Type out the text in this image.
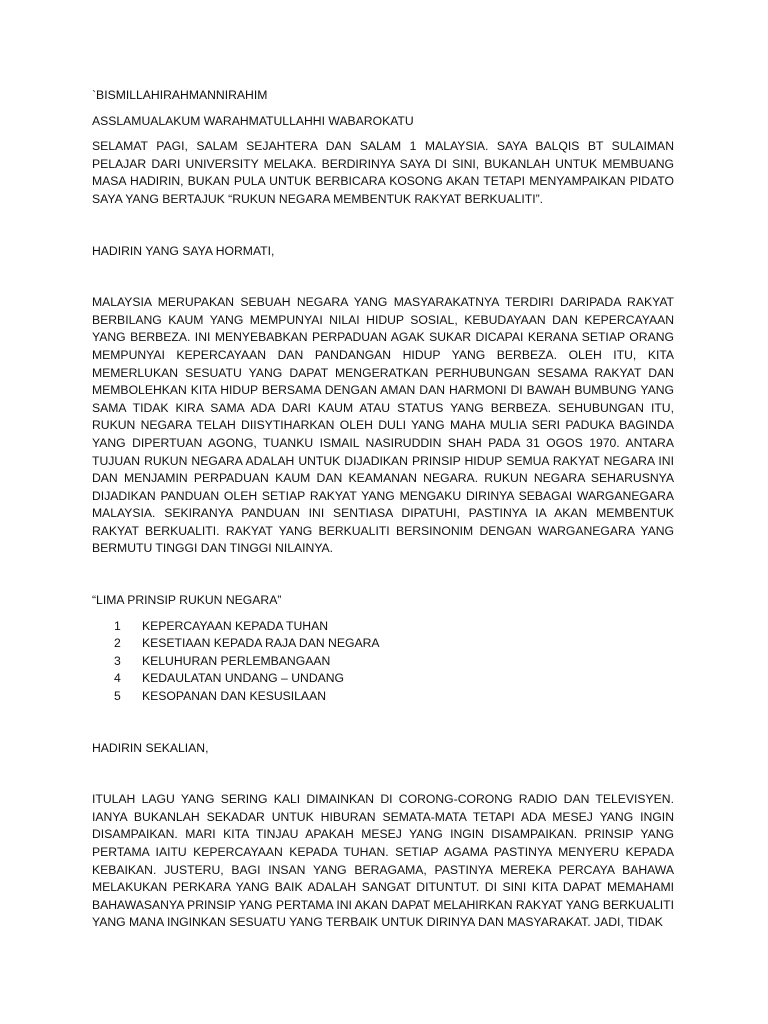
`BISMILLAHIRAHMANNIRAHIM

ASSLAMUALAKUM WARAHMATULLAHHI WABAROKATU

SELAMAT PAGI, SALAM SEJAHTERA DAN SALAM 1 MALAYSIA. SAYA BALQIS BT SULAIMAN PELAJAR DARI UNIVERSITY MELAKA. BERDIRINYA SAYA DI SINI, BUKANLAH UNTUK MEMBUANG MASA HADIRIN, BUKAN PULA UNTUK BERBICARA KOSONG AKAN TETAPI MENYAMPAIKAN PIDATO SAYA YANG BERTAJUK “RUKUN NEGARA MEMBENTUK RAKYAT BERKUALITI”.

HADIRIN YANG SAYA HORMATI,

MALAYSIA MERUPAKAN SEBUAH NEGARA YANG MASYARAKATNYA TERDIRI DARIPADA RAKYAT BERBILANG KAUM YANG MEMPUNYAI NILAI HIDUP SOSIAL, KEBUDAYAAN DAN KEPERCAYAAN YANG BERBEZA. INI MENYEBABKAN PERPADUAN AGAK SUKAR DICAPAI KERANA SETIAP ORANG MEMPUNYAI KEPERCAYAAN DAN PANDANGAN HIDUP YANG BERBEZA. OLEH ITU, KITA MEMERLUKAN SESUATU YANG DAPAT MENGERATKAN PERHUBUNGAN SESAMA RAKYAT DAN MEMBOLEHKAN KITA HIDUP BERSAMA DENGAN AMAN DAN HARMONI DI BAWAH BUMBUNG YANG SAMA TIDAK KIRA SAMA ADA DARI KAUM ATAU STATUS YANG BERBEZA. SEHUBUNGAN ITU, RUKUN NEGARA TELAH DIISYTIHARKAN OLEH DULI YANG MAHA MULIA SERI PADUKA BAGINDA YANG DIPERTUAN AGONG, TUANKU ISMAIL NASIRUDDIN SHAH PADA 31 OGOS 1970. ANTARA TUJUAN RUKUN NEGARA ADALAH UNTUK DIJADIKAN PRINSIP HIDUP SEMUA RAKYAT NEGARA INI DAN MENJAMIN PERPADUAN KAUM DAN KEAMANAN NEGARA. RUKUN NEGARA SEHARUSNYA DIJADIKAN PANDUAN OLEH SETIAP RAKYAT YANG MENGAKU DIRINYA SEBAGAI WARGANEGARA MALAYSIA. SEKIRANYA PANDUAN INI SENTIASA DIPATUHI, PASTINYA IA AKAN MEMBENTUK RAKYAT BERKUALITI. RAKYAT YANG BERKUALITI BERSINONIM DENGAN WARGANEGARA YANG BERMUTU TINGGI DAN TINGGI NILAINYA.

“LIMA PRINSIP RUKUN NEGARA”

1	KEPERCAYAAN KEPADA TUHAN
2	KESETIAAN KEPADA RAJA DAN NEGARA
3	KELUHURAN PERLEMBANGAAN
4	KEDAULATAN UNDANG – UNDANG
5	KESOPANAN DAN KESUSILAAN

HADIRIN SEKALIAN,

ITULAH LAGU YANG SERING KALI DIMAINKAN DI CORONG-CORONG RADIO DAN TELEVISYEN. IANYA BUKANLAH SEKADAR UNTUK HIBURAN SEMATA-MATA TETAPI ADA MESEJ YANG INGIN DISAMPAIKAN. MARI KITA TINJAU APAKAH MESEJ YANG INGIN DISAMPAIKAN. PRINSIP YANG PERTAMA IAITU KEPERCAYAAN KEPADA TUHAN. SETIAP AGAMA PASTINYA MENYERU KEPADA KEBAIKAN. JUSTERU, BAGI INSAN YANG BERAGAMA, PASTINYA MEREKA PERCAYA BAHAWA MELAKUKAN PERKARA YANG BAIK ADALAH SANGAT DITUNTUT. DI SINI KITA DAPAT MEMAHAMI BAHAWASANYA PRINSIP YANG PERTAMA INI AKAN DAPAT MELAHIRKAN RAKYAT YANG BERKUALITI YANG MANA INGINKAN SESUATU YANG TERBAIK UNTUK DIRINYA DAN MASYARAKAT. JADI, TIDAK
